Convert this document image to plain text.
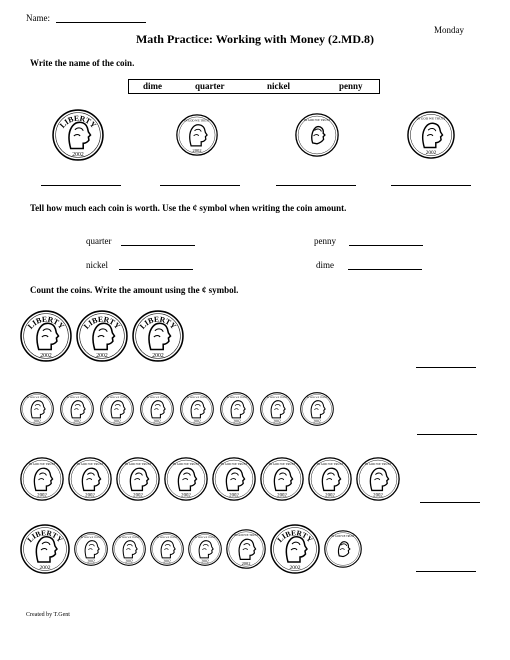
Name:
Monday
Math Practice: Working with Money (2.MD.8)
Write the name of the coin.
dime	quarter	nickel	penny
LIBERTY
2002
2002
IN GOD WE TRUST	IN GOD WE TRUST
2002
IN GOD WE TRUST
Tell how much each coin is worth. Use the ¢ symbol when writing the coin amount.
quarter	penny
nickel	dime
Count the coins. Write the amount using the ¢ symbol.
LIBERTY
2002
LIBERTY
2002
LIBERTY
2002
2002
IN GOD WE TRUST
2002
IN GOD WE TRUST
2002
IN GOD WE TRUST
2002
IN GOD WE TRUST
2002
IN GOD WE TRUST
2002
IN GOD WE TRUST
2002
IN GOD WE TRUST
2002
IN GOD WE TRUST
2002
IN GOD WE TRUST
2002
IN GOD WE TRUST
2002
IN GOD WE TRUST
2002
IN GOD WE TRUST
2002
IN GOD WE TRUST
2002
IN GOD WE TRUST
2002
IN GOD WE TRUST
2002
IN GOD WE TRUST
LIBERTY
2002
2002
IN GOD WE TRUST
2002
IN GOD WE TRUST
2002
IN GOD WE TRUST
2002
IN GOD WE TRUST
2002
IN GOD WE TRUST LIBERTY
2002
IN GOD WE TRUST
Created by T.Gent
